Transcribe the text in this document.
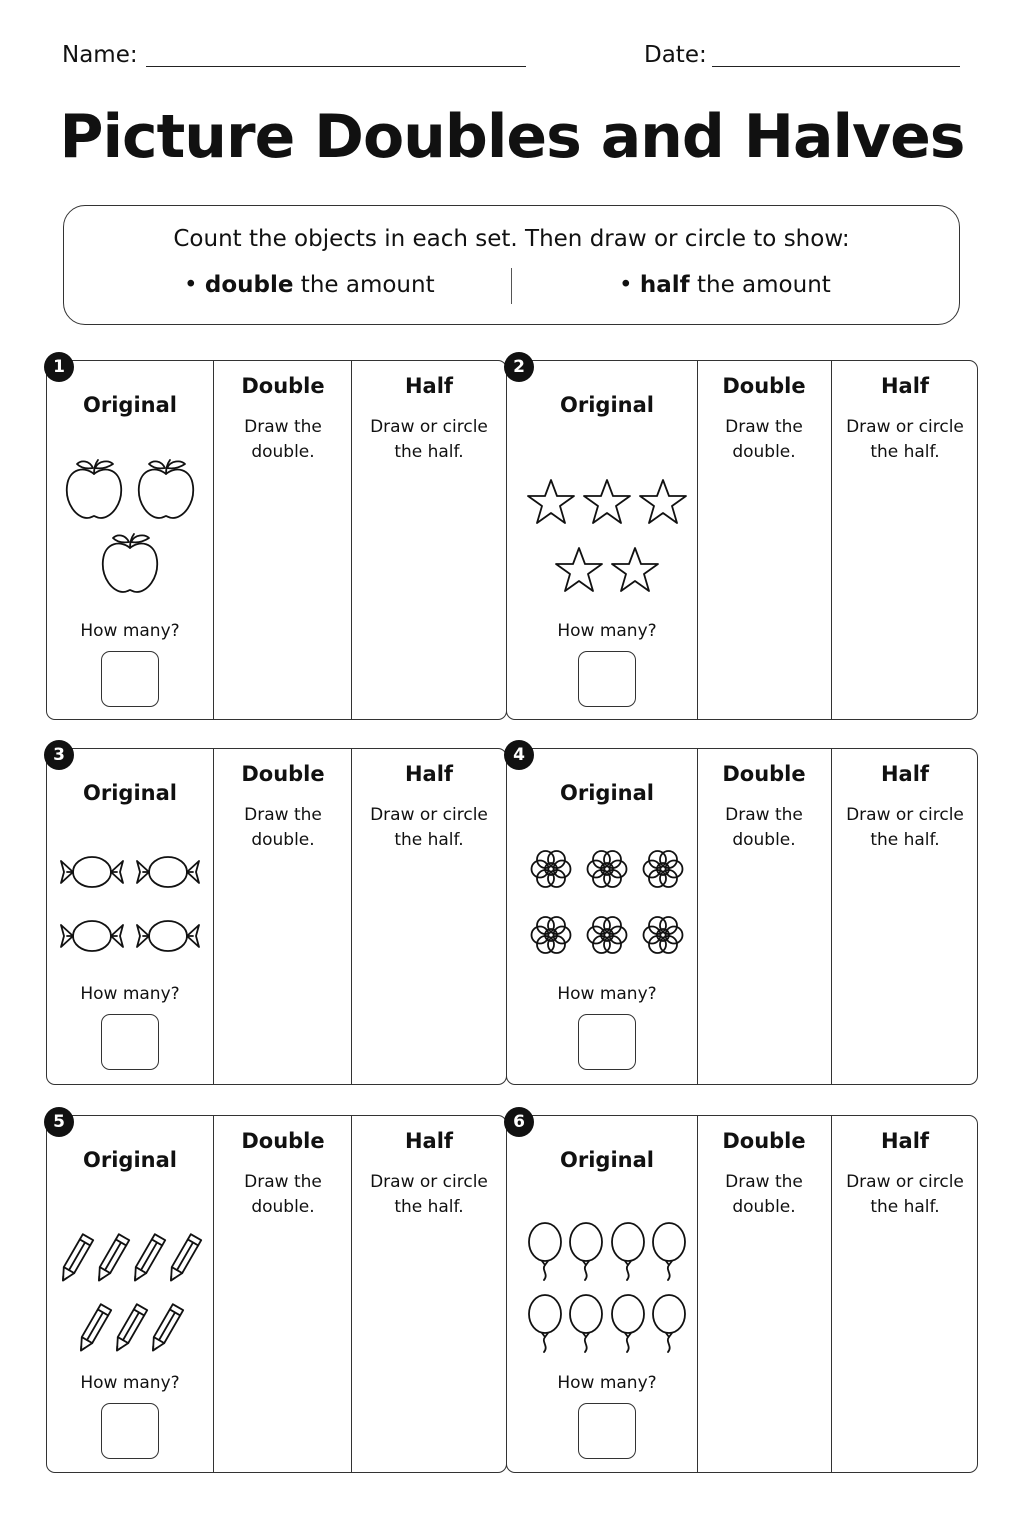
Name:	Date:
Picture Doubles and Halves
Count the objects in each set. Then draw or circle to show:
• double the amount	• half the amount
Original
Double
Draw the
double.
Half
Draw or circle
the half.
How many?
1
Original
Double
Draw the
double.
Half
Draw or circle
the half.
How many?
2
Original
Double
Draw the
double.
Half
Draw or circle
the half.
How many?
3
Original
Double
Draw the
double.
Half
Draw or circle
the half.
How many?
4
Original
Double
Draw the
double.
Half
Draw or circle
the half.
How many?
5
Original
Double
Draw the
double.
Half
Draw or circle
the half.
How many?
6
